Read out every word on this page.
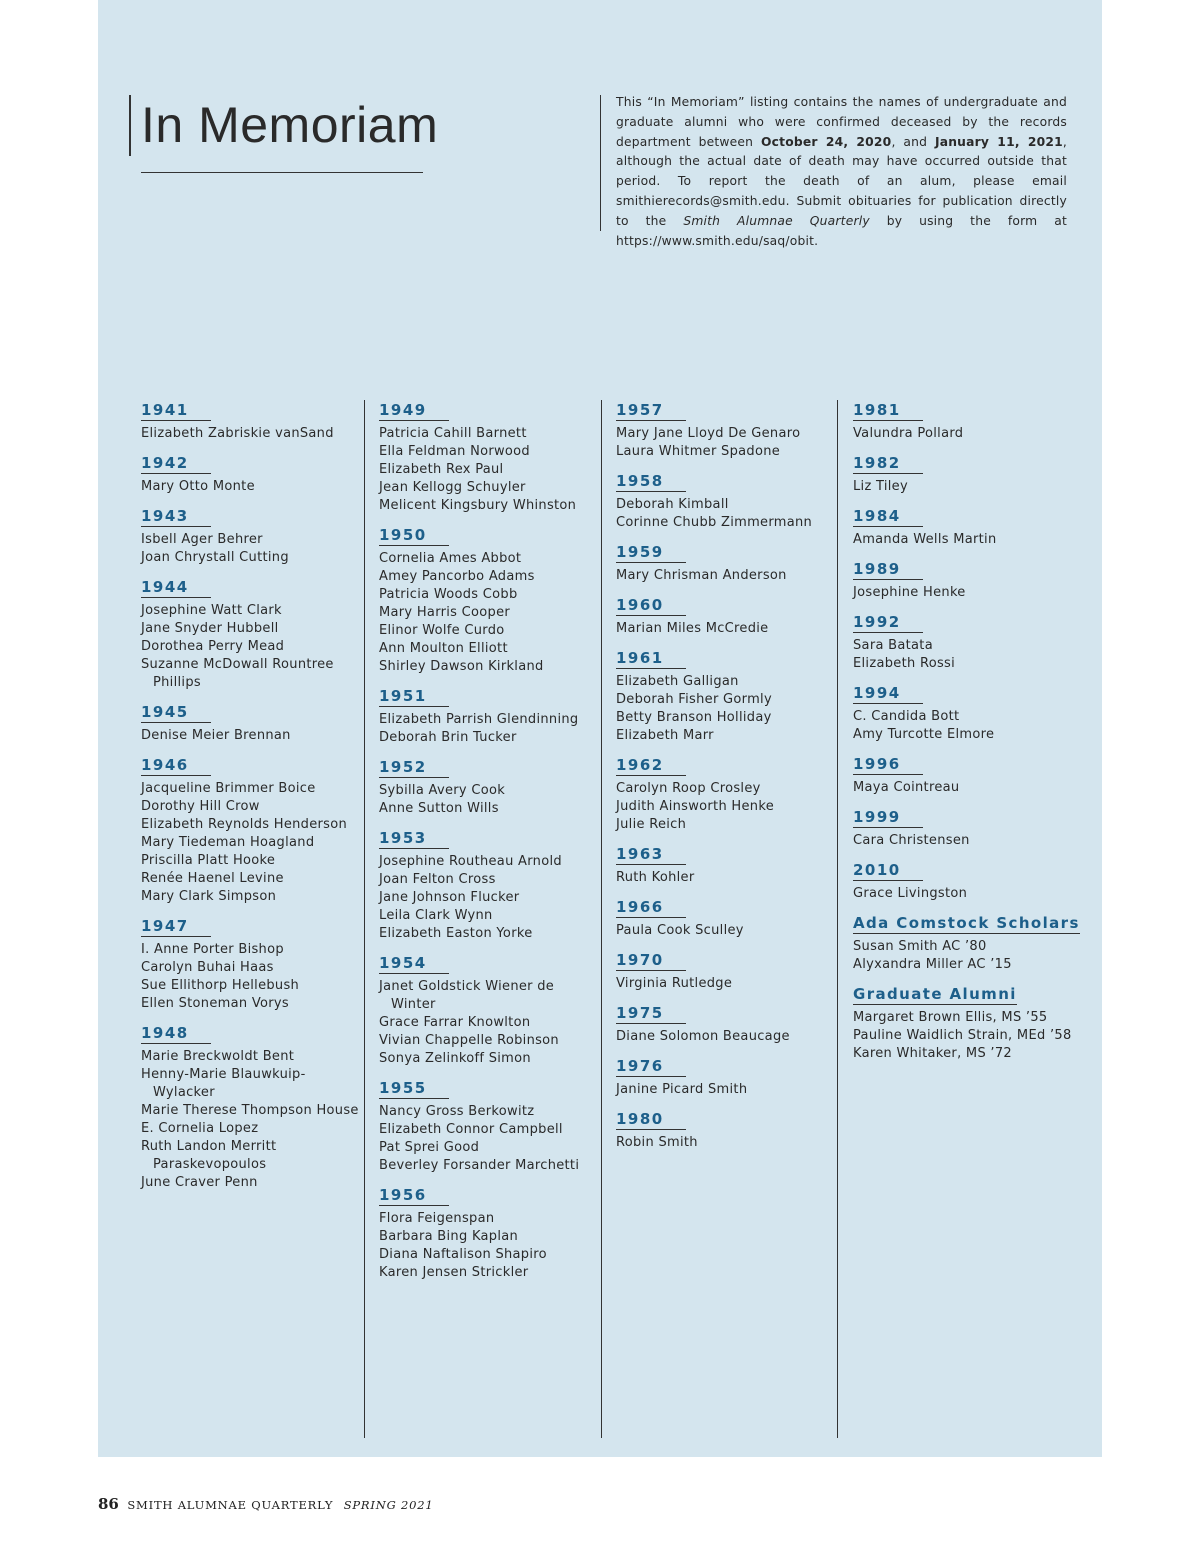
In Memoriam	This “In Memoriam” listing contains the names of undergraduate and graduate alumni who were confirmed deceased by the records department between October 24, 2020, and January 11, 2021, although the actual date of death may have occurred outside that period. To report the death of an alum, please email smithierecords@smith.edu. Submit obituaries for publication directly to the Smith Alumnae Quarterly by using the form at https://www.smith.edu/saq/obit.

1941
Elizabeth Zabriskie vanSand
1942
Mary Otto Monte
1943
Isbell Ager Behrer
Joan Chrystall Cutting
1944
Josephine Watt Clark
Jane Snyder Hubbell
Dorothea Perry Mead
Suzanne McDowall Rountree Phillips
1945
Denise Meier Brennan
1946
Jacqueline Brimmer Boice
Dorothy Hill Crow
Elizabeth Reynolds Henderson
Mary Tiedeman Hoagland
Priscilla Platt Hooke
Renée Haenel Levine
Mary Clark Simpson
1947
I. Anne Porter Bishop
Carolyn Buhai Haas
Sue Ellithorp Hellebush
Ellen Stoneman Vorys
1948
Marie Breckwoldt Bent
Henny-Marie Blauwkuip-Wylacker
Marie Therese Thompson House
E. Cornelia Lopez
Ruth Landon Merritt Paraskevopoulos
June Craver Penn
1949
Patricia Cahill Barnett
Ella Feldman Norwood
Elizabeth Rex Paul
Jean Kellogg Schuyler
Melicent Kingsbury Whinston
1950
Cornelia Ames Abbot
Amey Pancorbo Adams
Patricia Woods Cobb
Mary Harris Cooper
Elinor Wolfe Curdo
Ann Moulton Elliott
Shirley Dawson Kirkland
1951
Elizabeth Parrish Glendinning
Deborah Brin Tucker
1952
Sybilla Avery Cook
Anne Sutton Wills
1953
Josephine Routheau Arnold
Joan Felton Cross
Jane Johnson Flucker
Leila Clark Wynn
Elizabeth Easton Yorke
1954
Janet Goldstick Wiener de Winter
Grace Farrar Knowlton
Vivian Chappelle Robinson
Sonya Zelinkoff Simon
1955
Nancy Gross Berkowitz
Elizabeth Connor Campbell
Pat Sprei Good
Beverley Forsander Marchetti
1956
Flora Feigenspan
Barbara Bing Kaplan
Diana Naftalison Shapiro
Karen Jensen Strickler
1957
Mary Jane Lloyd De Genaro
Laura Whitmer Spadone
1958
Deborah Kimball
Corinne Chubb Zimmermann
1959
Mary Chrisman Anderson
1960
Marian Miles McCredie
1961
Elizabeth Galligan
Deborah Fisher Gormly
Betty Branson Holliday
Elizabeth Marr
1962
Carolyn Roop Crosley
Judith Ainsworth Henke
Julie Reich
1963
Ruth Kohler
1966
Paula Cook Sculley
1970
Virginia Rutledge
1975
Diane Solomon Beaucage
1976
Janine Picard Smith
1980
Robin Smith
1981
Valundra Pollard
1982
Liz Tiley
1984
Amanda Wells Martin
1989
Josephine Henke
1992
Sara Batata
Elizabeth Rossi
1994
C. Candida Bott
Amy Turcotte Elmore
1996
Maya Cointreau
1999
Cara Christensen
2010
Grace Livingston
Ada Comstock Scholars
Susan Smith AC ’80
Alyxandra Miller AC ’15
Graduate Alumni
Margaret Brown Ellis, MS ’55
Pauline Waidlich Strain, MEd ’58
Karen Whitaker, MS ’72
86 SMITH ALUMNAE QUARTERLY SPRING 2021
